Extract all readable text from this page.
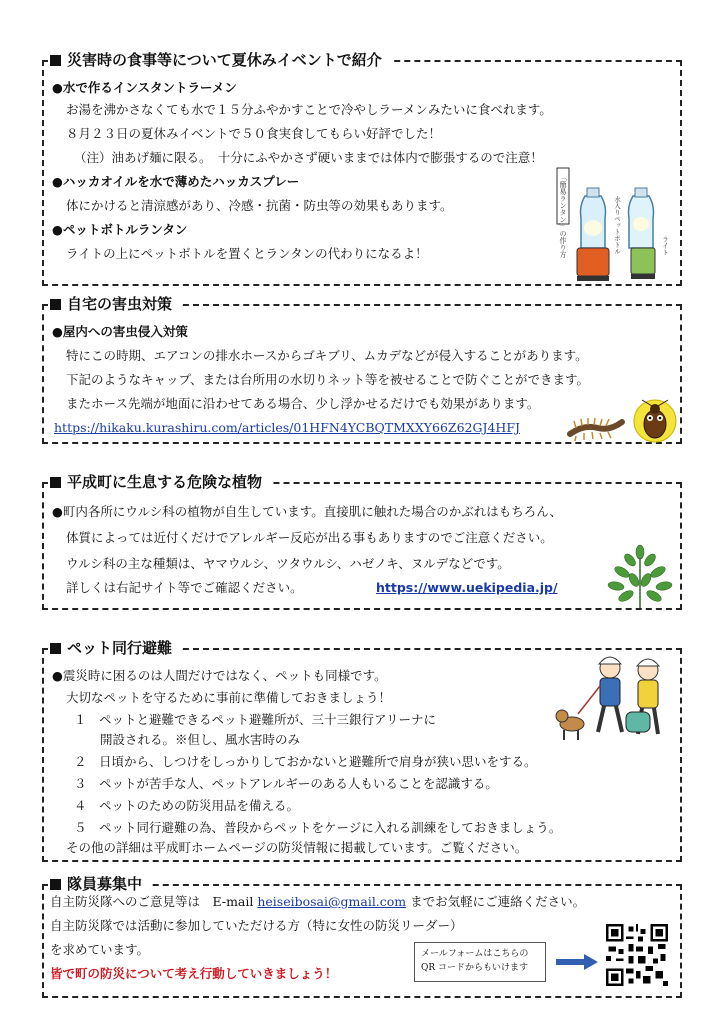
災害時の食事等について夏休みイベントで紹介
●水で作るインスタントラーメン
お湯を沸かさなくても水で１５分ふやかすことで冷やしラーメンみたいに食べれます。
８月２３日の夏休みイベントで５０食実食してもらい好評でした！
（注）油あげ麺に限る。　十分にふやかさず硬いままでは体内で膨張するので注意！
●ハッカオイルを水で薄めたハッカスプレー
体にかけると清涼感があり、冷感・抗菌・防虫等の効果もあります。
●ペットボトルランタン
ライトの上にペットボトルを置くとランタンの代わりになるよ！	「簡易ランタン」の作り方	水入りペットボトル	ライト
自宅の害虫対策
●屋内への害虫侵入対策
特にこの時期、エアコンの排水ホースからゴキブリ、ムカデなどが侵入することがあります。
下記のようなキャップ、または台所用の水切りネット等を被せることで防ぐことができます。
またホース先端が地面に沿わせてある場合、少し浮かせるだけでも効果があります。
https://hikaku.kurashiru.com/articles/01HFN4YCBQTMXXY66Z62GJ4HFJ
平成町に生息する危険な植物
●町内各所にウルシ科の植物が自生しています。直接肌に触れた場合のかぶれはもちろん、
体質によっては近付くだけでアレルギー反応が出る事もありますのでご注意ください。
ウルシ科の主な種類は、ヤマウルシ、ツタウルシ、ハゼノキ、ヌルデなどです。
詳しくは右記サイト等でご確認ください。	https://www.uekipedia.jp/
ペット同行避難
●震災時に困るのは人間だけではなく、ペットも同様です。
大切なペットを守るために事前に準備しておきましょう！
１　ペットと避難できるペット避難所が、三十三銀行アリーナに
開設される。※但し、風水害時のみ
２　日頃から、しつけをしっかりしておかないと避難所で肩身が狭い思いをする。
３　ペットが苦手な人、ペットアレルギーのある人もいることを認識する。
４　ペットのための防災用品を備える。
５　ペット同行避難の為、普段からペットをケージに入れる訓練をしておきましょう。
その他の詳細は平成町ホームページの防災情報に掲載しています。ご覧ください。
隊員募集中
自主防災隊へのご意見等は　E-mail heiseibosai@gmail.com までお気軽にご連絡ください。
自主防災隊では活動に参加していただける方（特に女性の防災リーダー）
を求めています。
皆で町の防災について考え行動していきましょう！
メールフォームはこちらの
QR コードからもいけます
